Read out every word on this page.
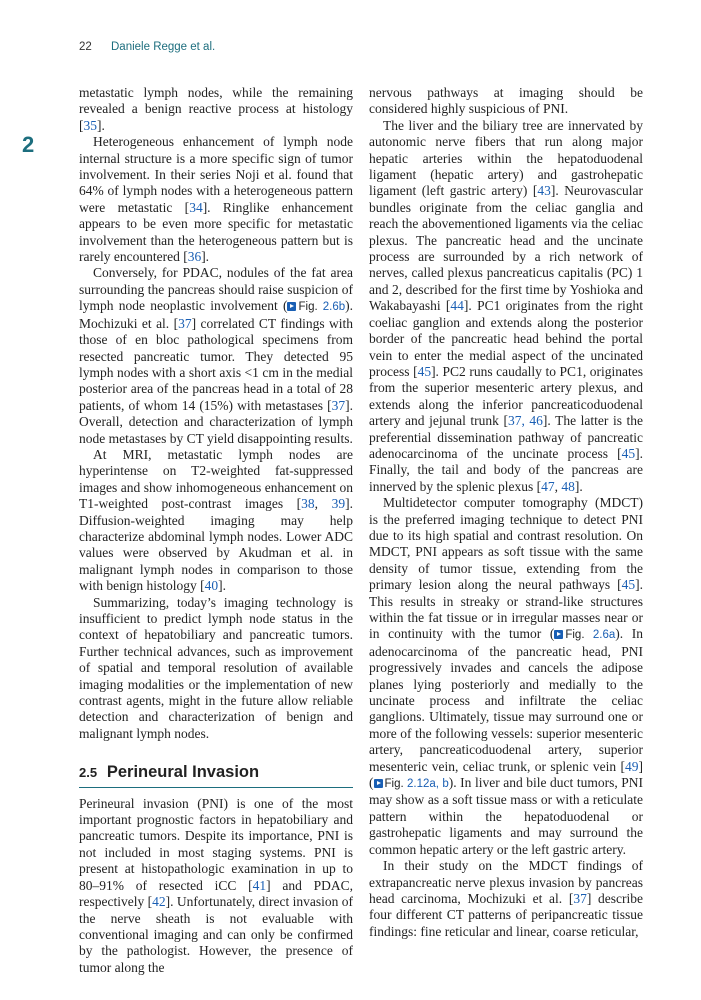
22 Daniele Regge et al.
2

metastatic lymph nodes, while the remaining revealed a benign reactive process at histology [35].

Heterogeneous enhancement of lymph node internal structure is a more specific sign of tumor involvement. In their series Noji et al. found that 64% of lymph nodes with a heterogeneous pattern were metastatic [34]. Ringlike enhancement appears to be even more specific for metastatic involvement than the heterogeneous pattern but is rarely encountered [36].

Conversely, for PDAC, nodules of the fat area surrounding the pancreas should raise suspicion of lymph node neoplastic involvement ( Fig. 2.6b). Mochizuki et al. [37] correlated CT findings with those of en bloc pathological specimens from resected pancreatic tumor. They detected 95 lymph nodes with a short axis <1 cm in the medial posterior area of the pancreas head in a total of 28 patients, of whom 14 (15%) with metastases [37]. Overall, detection and characterization of lymph node metastases by CT yield disappointing results.

At MRI, metastatic lymph nodes are hyperintense on T2-weighted fat-suppressed images and show inhomogeneous enhancement on T1-weighted post-contrast images [38, 39]. Diffusion-weighted imaging may help characterize abdominal lymph nodes. Lower ADC values were observed by Akudman et al. in malignant lymph nodes in comparison to those with benign histology [40].

Summarizing, today’s imaging technology is insufficient to predict lymph node status in the context of hepatobiliary and pancreatic tumors. Further technical advances, such as improvement of spatial and temporal resolution of available imaging modalities or the implementation of new contrast agents, might in the future allow reliable detection and characterization of benign and malignant lymph nodes.

2.5 Perineural Invasion

Perineural invasion (PNI) is one of the most important prognostic factors in hepatobiliary and pancreatic tumors. Despite its importance, PNI is not included in most staging systems. PNI is present at histopathologic examination in up to 80–91% of resected iCC [41] and PDAC, respectively [42]. Unfortunately, direct invasion of the nerve sheath is not evaluable with conventional imaging and can only be confirmed by the pathologist. However, the presence of tumor along the

nervous pathways at imaging should be considered highly suspicious of PNI.

The liver and the biliary tree are innervated by autonomic nerve fibers that run along major hepatic arteries within the hepatoduodenal ligament (hepatic artery) and gastrohepatic ligament (left gastric artery) [43]. Neurovascular bundles originate from the celiac ganglia and reach the abovementioned ligaments via the celiac plexus. The pancreatic head and the uncinate process are surrounded by a rich network of nerves, called plexus pancreaticus capitalis (PC) 1 and 2, described for the first time by Yoshioka and Wakabayashi [44]. PC1 originates from the right coeliac ganglion and extends along the posterior border of the pancreatic head behind the portal vein to enter the medial aspect of the uncinated process [45]. PC2 runs caudally to PC1, originates from the superior mesenteric artery plexus, and extends along the inferior pancreaticoduodenal artery and jejunal trunk [37, 46]. The latter is the preferential dissemination pathway of pancreatic adenocarcinoma of the uncinate process [45]. Finally, the tail and body of the pancreas are innerved by the splenic plexus [47, 48].

Multidetector computer tomography (MDCT) is the preferred imaging technique to detect PNI due to its high spatial and contrast resolution. On MDCT, PNI appears as soft tissue with the same density of tumor tissue, extending from the primary lesion along the neural pathways [45]. This results in streaky or strand-like structures within the fat tissue or in irregular masses near or in continuity with the tumor ( Fig. 2.6a). In adenocarcinoma of the pancreatic head, PNI progressively invades and cancels the adipose planes lying posteriorly and medially to the uncinate process and infiltrate the celiac ganglions. Ultimately, tissue may surround one or more of the following vessels: superior mesenteric artery, pancreaticoduodenal artery, superior mesenteric vein, celiac trunk, or splenic vein [49] ( Fig. 2.12a, b). In liver and bile duct tumors, PNI may show as a soft tissue mass or with a reticulate pattern within the hepatoduodenal or gastrohepatic ligaments and may surround the common hepatic artery or the left gastric artery.

In their study on the MDCT findings of extrapancreatic nerve plexus invasion by pancreas head carcinoma, Mochizuki et al. [37] describe four different CT patterns of peripancreatic tissue findings: fine reticular and linear, coarse reticular,
